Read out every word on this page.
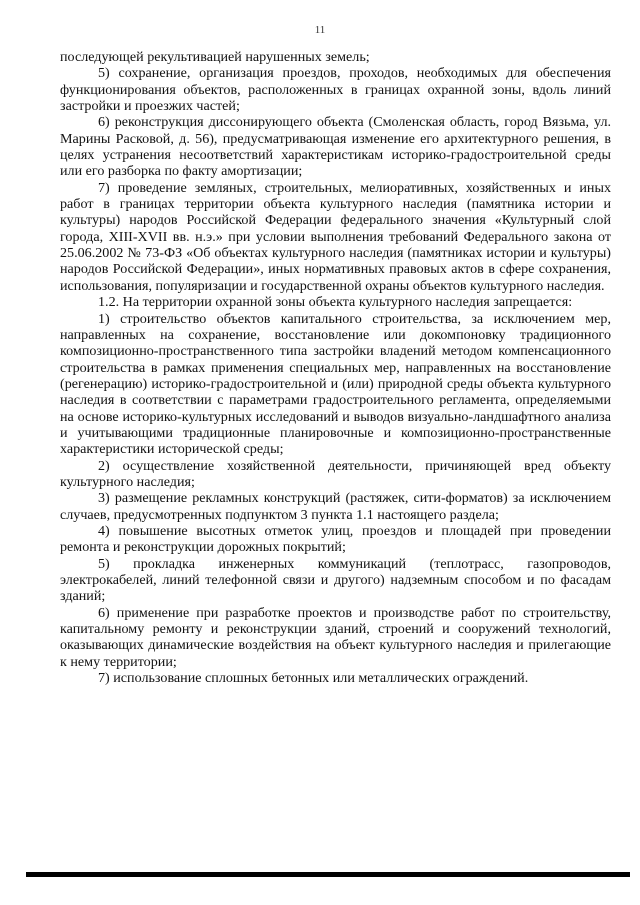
11

последующей рекультивацией нарушенных земель;

5) сохранение, организация проездов, проходов, необходимых для обеспечения функционирования объектов, расположенных в границах охранной зоны, вдоль линий застройки и проезжих частей;

6) реконструкция диссонирующего объекта (Смоленская область, город Вязьма, ул. Марины Расковой, д. 56), предусматривающая изменение его архитектурного решения, в целях устранения несоответствий характеристикам историко-градостроительной среды или его разборка по факту амортизации;

7) проведение земляных, строительных, мелиоративных, хозяйственных и иных работ в границах территории объекта культурного наследия (памятника истории и культуры) народов Российской Федерации федерального значения «Культурный слой города, XIII-XVII вв. н.э.» при условии выполнения требований Федерального закона от 25.06.2002 № 73-ФЗ «Об объектах культурного наследия (памятниках истории и культуры) народов Российской Федерации», иных нормативных правовых актов в сфере сохранения, использования, популяризации и государственной охраны объектов культурного наследия.

1.2. На территории охранной зоны объекта культурного наследия запрещается:

1) строительство объектов капитального строительства, за исключением мер, направленных на сохранение, восстановление или докомпоновку традиционного композиционно-пространственного типа застройки владений методом компенсационного строительства в рамках применения специальных мер, направленных на восстановление (регенерацию) историко-градостроительной и (или) природной среды объекта культурного наследия в соответствии с параметрами градостроительного регламента, определяемыми на основе историко-культурных исследований и выводов визуально-ландшафтного анализа и учитывающими традиционные планировочные и композиционно-пространственные характеристики исторической среды;

2) осуществление хозяйственной деятельности, причиняющей вред объекту культурного наследия;

3) размещение рекламных конструкций (растяжек, сити-форматов) за исключением случаев, предусмотренных подпунктом 3 пункта 1.1 настоящего раздела;

4) повышение высотных отметок улиц, проездов и площадей при проведении ремонта и реконструкции дорожных покрытий;

5) прокладка инженерных коммуникаций (теплотрасс, газопроводов, электрокабелей, линий телефонной связи и другого) надземным способом и по фасадам зданий;

6) применение при разработке проектов и производстве работ по строительству, капитальному ремонту и реконструкции зданий, строений и сооружений технологий, оказывающих динамические воздействия на объект культурного наследия и прилегающие к нему территории;

7) использование сплошных бетонных или металлических ограждений.
